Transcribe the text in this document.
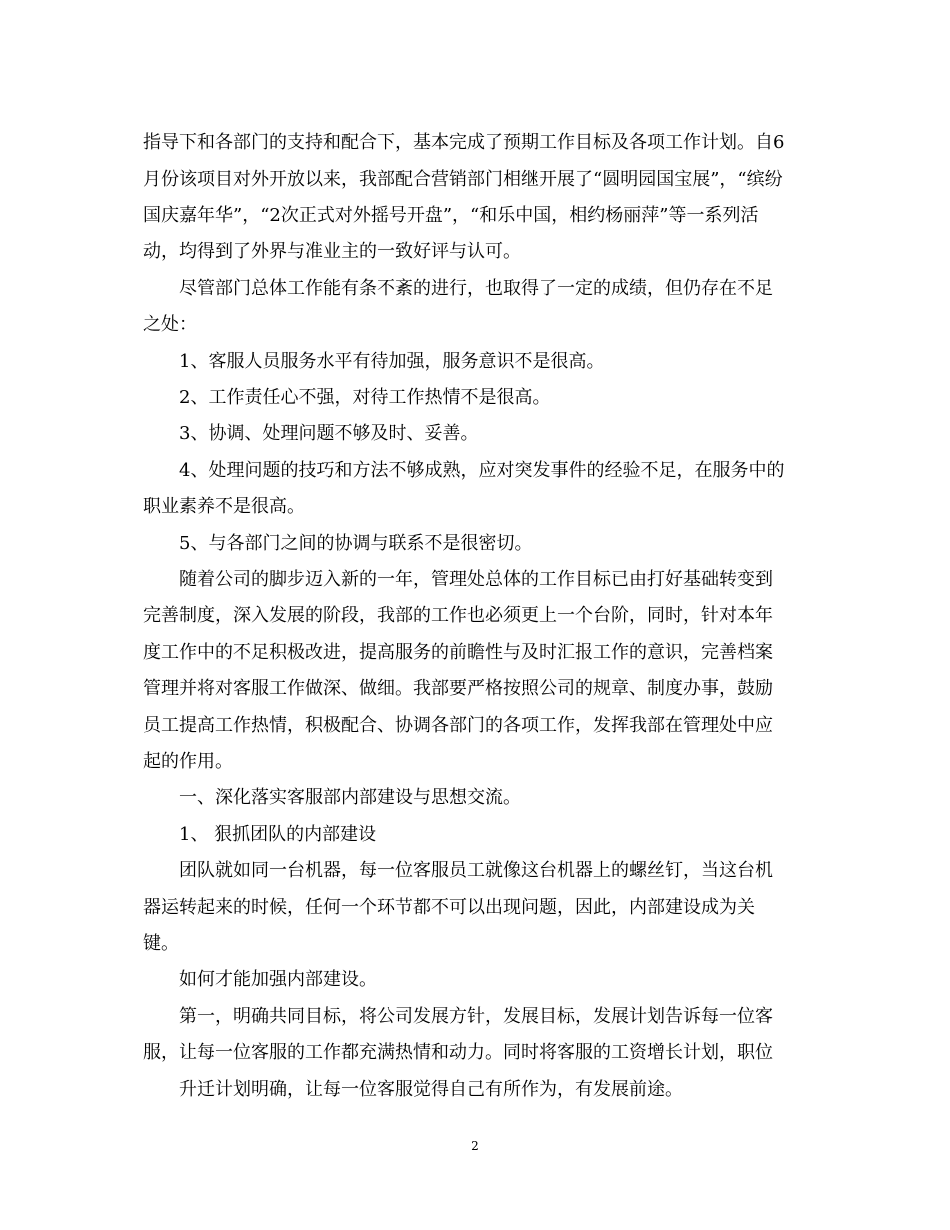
指导下和各部门的支持和配合下，基本完成了预期工作目标及各项工作计划。自6
月份该项目对外开放以来，我部配合营销部门相继开展了“圆明园国宝展”，“缤纷
国庆嘉年华”，“2次正式对外摇号开盘”，“和乐中国，相约杨丽萍”等一系列活
动，均得到了外界与准业主的一致好评与认可。
尽管部门总体工作能有条不紊的进行，也取得了一定的成绩，但仍存在不足
之处：
1、客服人员服务水平有待加强，服务意识不是很高。
2、工作责任心不强，对待工作热情不是很高。
3、协调、处理问题不够及时、妥善。
4、处理问题的技巧和方法不够成熟，应对突发事件的经验不足，在服务中的
职业素养不是很高。
5、与各部门之间的协调与联系不是很密切。
随着公司的脚步迈入新的一年，管理处总体的工作目标已由打好基础转变到
完善制度，深入发展的阶段，我部的工作也必须更上一个台阶，同时，针对本年
度工作中的不足积极改进，提高服务的前瞻性与及时汇报工作的意识，完善档案
管理并将对客服工作做深、做细。我部要严格按照公司的规章、制度办事，鼓励
员工提高工作热情，积极配合、协调各部门的各项工作，发挥我部在管理处中应
起的作用。
一、深化落实客服部内部建设与思想交流。
1、 狠抓团队的内部建设
团队就如同一台机器，每一位客服员工就像这台机器上的螺丝钉，当这台机
器运转起来的时候，任何一个环节都不可以出现问题，因此，内部建设成为关
键。
如何才能加强内部建设。
第一，明确共同目标，将公司发展方针，发展目标，发展计划告诉每一位客
服，让每一位客服的工作都充满热情和动力。同时将客服的工资增长计划，职位
升迁计划明确，让每一位客服觉得自己有所作为，有发展前途。
2
